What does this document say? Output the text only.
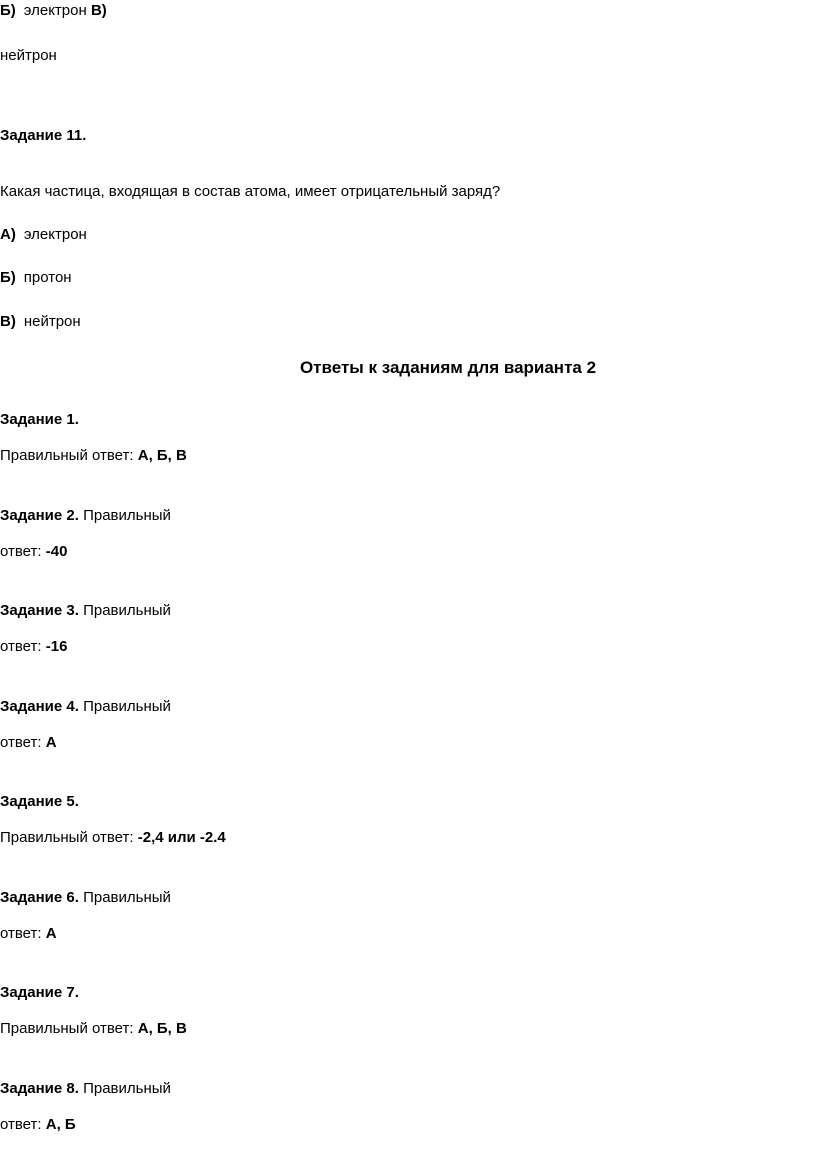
Б) электрон В)
нейтрон
Задание 11.
Какая частица, входящая в состав атома, имеет отрицательный заряд?
А) электрон
Б) протон
В) нейтрон
Ответы к заданиям для варианта 2
Задание 1.
Правильный ответ: А, Б, В
Задание 2. Правильный
ответ: -40
Задание 3. Правильный
ответ: -16
Задание 4. Правильный
ответ: А
Задание 5.
Правильный ответ: -2,4 или -2.4
Задание 6. Правильный
ответ: А
Задание 7.
Правильный ответ: А, Б, В
Задание 8. Правильный
ответ: А, Б
